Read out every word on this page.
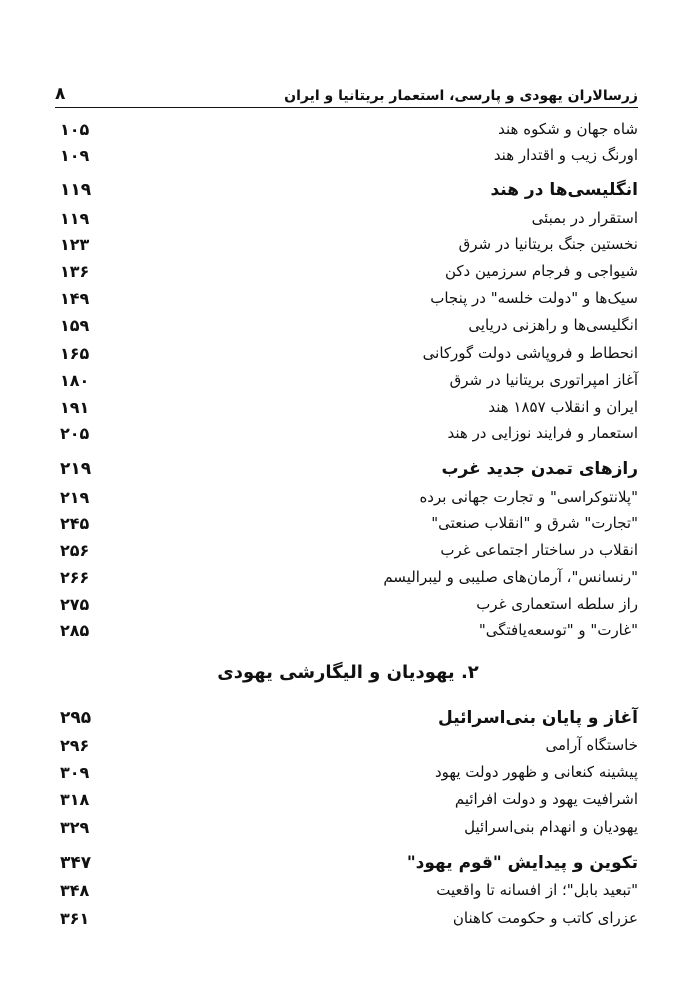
زرسالاران یهودی و پارسی، استعمار بریتانیا و ایران
۸
شاه جهان و شکوه هند
۱۰۵
اورنگ زیب و اقتدار هند
۱۰۹
انگلیسی‌ها در هند
۱۱۹
استقرار در بمبئی
۱۱۹
نخستین جنگ بریتانیا در شرق
۱۲۳
شیواجی و فرجام سرزمین دکن
۱۳۶
سیک‌ها و "دولت خلسه" در پنجاب
۱۴۹
انگلیسی‌ها و راهزنی دریایی
۱۵۹
انحطاط و فروپاشی دولت گورکانی
۱۶۵
آغاز امپراتوری بریتانیا در شرق
۱۸۰
ایران و انقلاب ۱۸۵۷ هند
۱۹۱
استعمار و فرایند نوزایی در هند
۲۰۵
رازهای تمدن جدید غرب
۲۱۹
"پلانتوکراسی" و تجارت جهانی برده
۲۱۹
"تجارت" شرق و "انقلاب صنعتی"
۲۴۵
انقلاب در ساختار اجتماعی غرب
۲۵۶
"رنسانس"، آرمان‌های صلیبی و لیبرالیسم
۲۶۶
راز سلطه استعماری غرب
۲۷۵
"غارت" و "توسعه‌یافتگی"
۲۸۵
۲. یهودیان و الیگارشی یهودی
آغاز و پایان بنی‌اسرائیل
۲۹۵
خاستگاه آرامی
۲۹۶
پیشینه کنعانی و ظهور دولت یهود
۳۰۹
اشرافیت یهود و دولت افرائیم
۳۱۸
یهودیان و انهدام بنی‌اسرائیل
۳۲۹
تکوین و پیدایش "قوم یهود"
۳۴۷
"تبعید بابل"؛ از افسانه تا واقعیت
۳۴۸
عزرای کاتب و حکومت کاهنان
۳۶۱
